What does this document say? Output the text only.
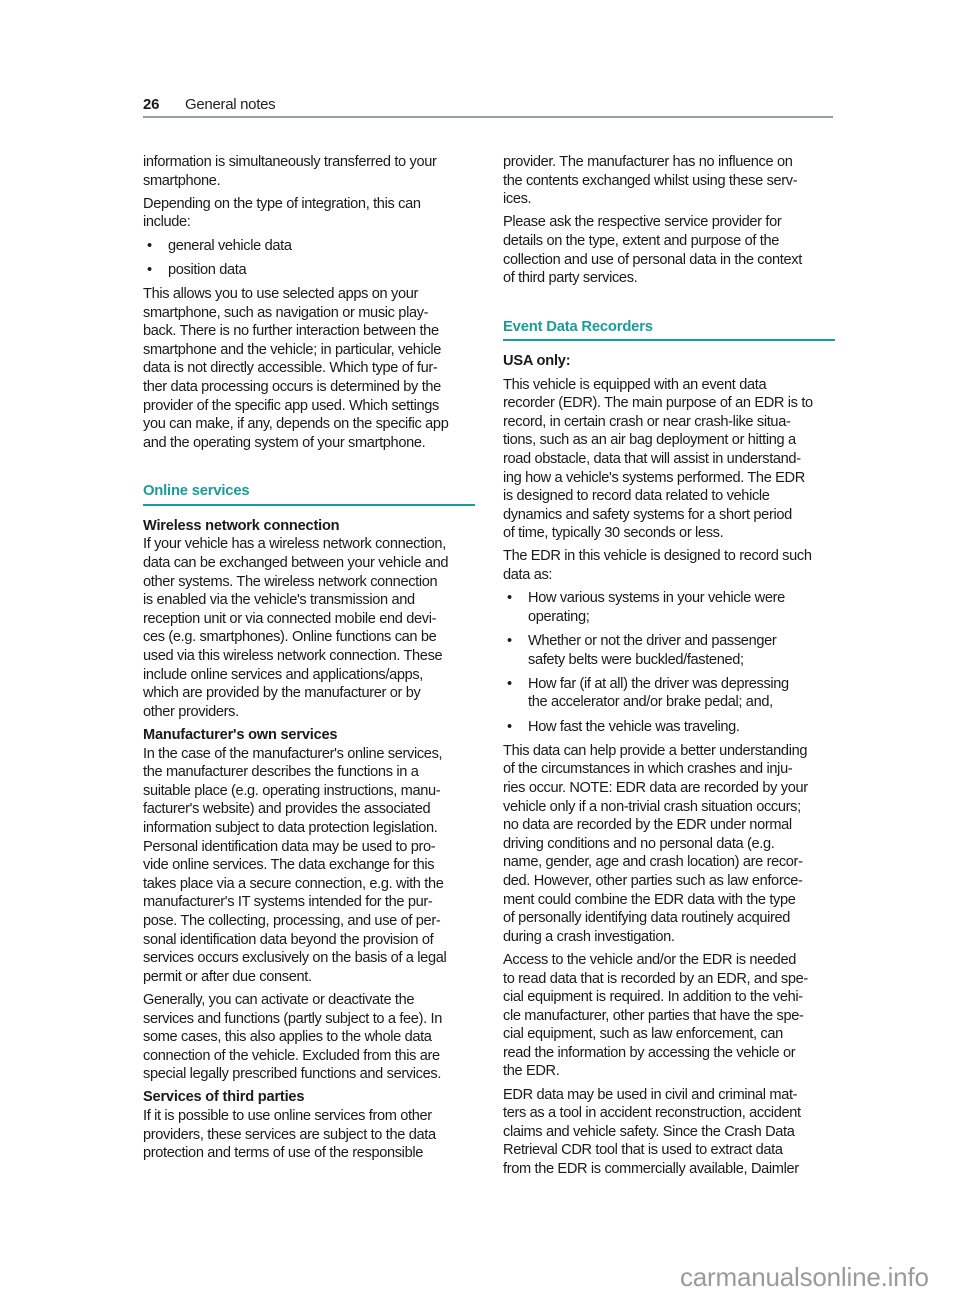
26 General notes
information is simultaneously transferred to your
smartphone.
Depending on the type of integration, this can
include:
• general vehicle data
• position data
This allows you to use selected apps on your
smartphone, such as navigation or music play-
back. There is no further interaction between the
smartphone and the vehicle; in particular, vehicle
data is not directly accessible. Which type of fur-
ther data processing occurs is determined by the
provider of the specific app used. Which settings
you can make, if any, depends on the specific app
and the operating system of your smartphone.
Online services
Wireless network connection
If your vehicle has a wireless network connection,
data can be exchanged between your vehicle and
other systems. The wireless network connection
is enabled via the vehicle's transmission and
reception unit or via connected mobile end devi-
ces (e.g. smartphones). Online functions can be
used via this wireless network connection. These
include online services and applications/apps,
which are provided by the manufacturer or by
other providers.
Manufacturer's own services
In the case of the manufacturer's online services,
the manufacturer describes the functions in a
suitable place (e.g. operating instructions, manu-
facturer's website) and provides the associated
information subject to data protection legislation.
Personal identification data may be used to pro-
vide online services. The data exchange for this
takes place via a secure connection, e.g. with the
manufacturer's IT systems intended for the pur-
pose. The collecting, processing, and use of per-
sonal identification data beyond the provision of
services occurs exclusively on the basis of a legal
permit or after due consent.
Generally, you can activate or deactivate the
services and functions (partly subject to a fee). In
some cases, this also applies to the whole data
connection of the vehicle. Excluded from this are
special legally prescribed functions and services.
Services of third parties
If it is possible to use online services from other
providers, these services are subject to the data
protection and terms of use of the responsible
provider. The manufacturer has no influence on
the contents exchanged whilst using these serv-
ices.
Please ask the respective service provider for
details on the type, extent and purpose of the
collection and use of personal data in the context
of third party services.
Event Data Recorders
USA only:
This vehicle is equipped with an event data
recorder (EDR). The main purpose of an EDR is to
record, in certain crash or near crash-like situa-
tions, such as an air bag deployment or hitting a
road obstacle, data that will assist in understand-
ing how a vehicle's systems performed. The EDR
is designed to record data related to vehicle
dynamics and safety systems for a short period
of time, typically 30 seconds or less.
The EDR in this vehicle is designed to record such
data as:
• How various systems in your vehicle were
operating;
• Whether or not the driver and passenger
safety belts were buckled/fastened;
• How far (if at all) the driver was depressing
the accelerator and/or brake pedal; and,
• How fast the vehicle was traveling.
This data can help provide a better understanding
of the circumstances in which crashes and inju-
ries occur. NOTE: EDR data are recorded by your
vehicle only if a non-trivial crash situation occurs;
no data are recorded by the EDR under normal
driving conditions and no personal data (e.g.
name, gender, age and crash location) are recor-
ded. However, other parties such as law enforce-
ment could combine the EDR data with the type
of personally identifying data routinely acquired
during a crash investigation.
Access to the vehicle and/or the EDR is needed
to read data that is recorded by an EDR, and spe-
cial equipment is required. In addition to the vehi-
cle manufacturer, other parties that have the spe-
cial equipment, such as law enforcement, can
read the information by accessing the vehicle or
the EDR.
EDR data may be used in civil and criminal mat-
ters as a tool in accident reconstruction, accident
claims and vehicle safety. Since the Crash Data
Retrieval CDR tool that is used to extract data
from the EDR is commercially available, Daimler
carmanualsonline.info
